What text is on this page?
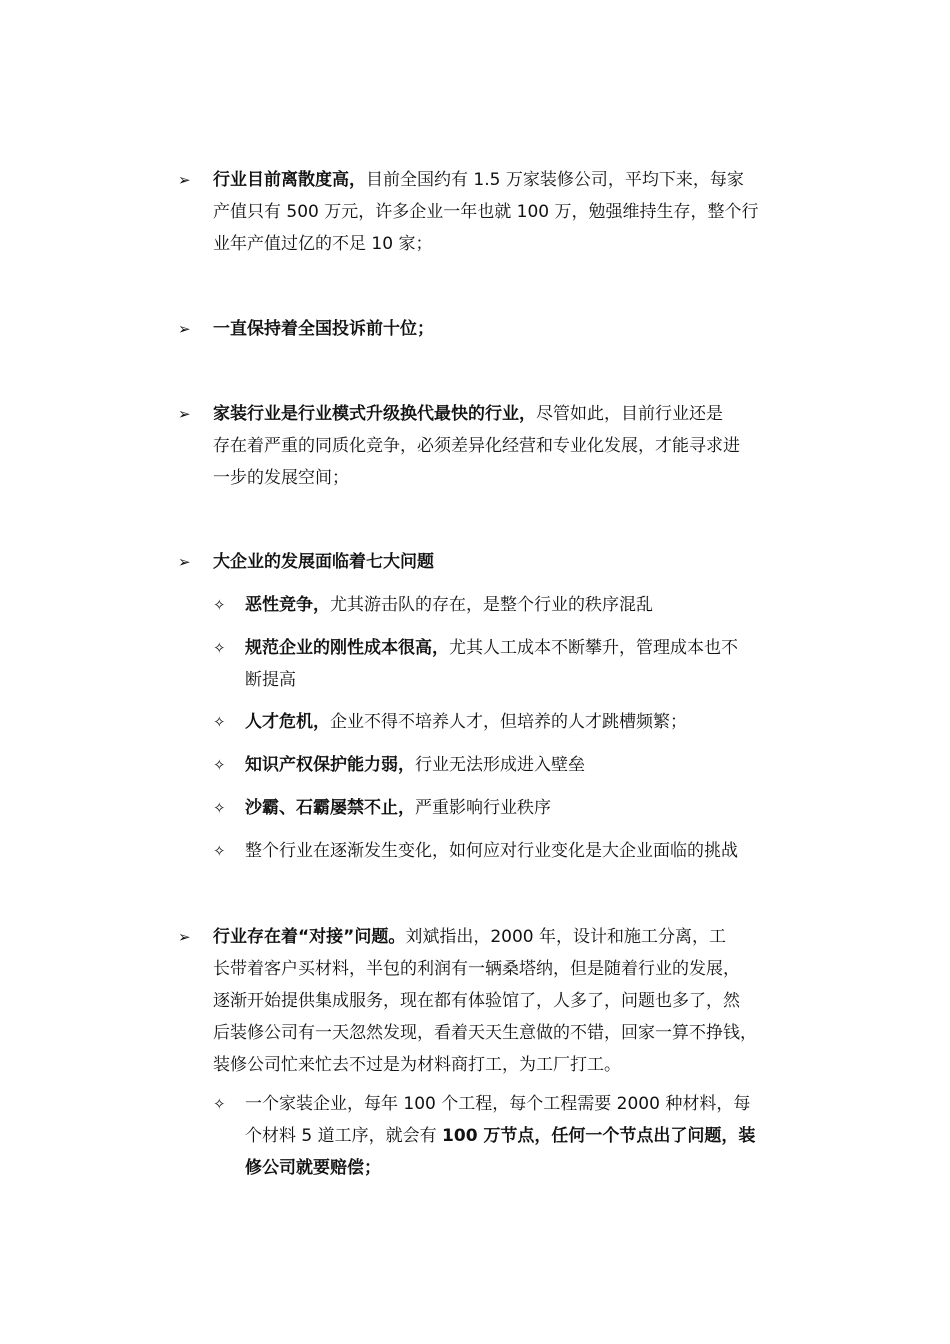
➢	行业目前离散度高，目前全国约有 1.5 万家装修公司，平均下来，每家
产值只有 500 万元，许多企业一年也就 100 万，勉强维持生存，整个行
业年产值过亿的不足 10 家；
➢	一直保持着全国投诉前十位；
➢	家装行业是行业模式升级换代最快的行业，尽管如此，目前行业还是
存在着严重的同质化竞争，必须差异化经营和专业化发展，才能寻求进
一步的发展空间；
➢	大企业的发展面临着七大问题
✧	恶性竞争，尤其游击队的存在，是整个行业的秩序混乱
✧	规范企业的刚性成本很高，尤其人工成本不断攀升，管理成本也不
断提高
✧	人才危机，企业不得不培养人才，但培养的人才跳槽频繁；
✧	知识产权保护能力弱，行业无法形成进入壁垒
✧	沙霸、石霸屡禁不止，严重影响行业秩序
✧	整个行业在逐渐发生变化，如何应对行业变化是大企业面临的挑战
➢	行业存在着“对接”问题。刘斌指出，2000 年，设计和施工分离，工
长带着客户买材料，半包的利润有一辆桑塔纳，但是随着行业的发展，
逐渐开始提供集成服务，现在都有体验馆了，人多了，问题也多了，然
后装修公司有一天忽然发现，看着天天生意做的不错，回家一算不挣钱，
装修公司忙来忙去不过是为材料商打工，为工厂打工。
✧	一个家装企业，每年 100 个工程，每个工程需要 2000 种材料，每
个材料 5 道工序，就会有 100 万节点，任何一个节点出了问题，装
修公司就要赔偿；
